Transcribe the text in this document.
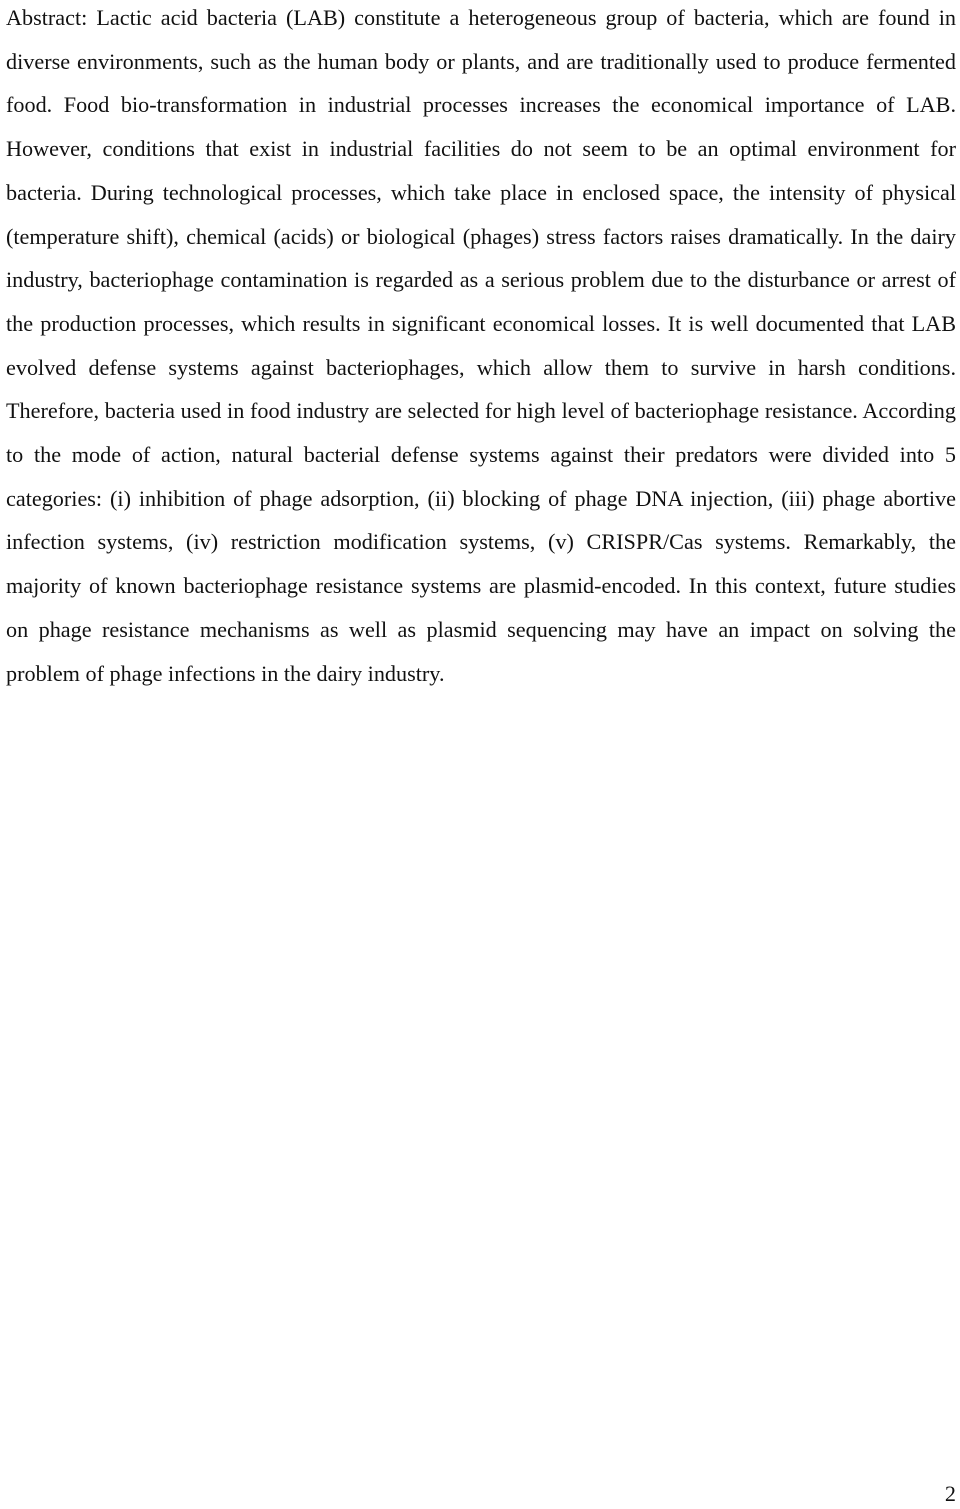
Abstract: Lactic acid bacteria (LAB) constitute a heterogeneous group of bacteria, which are found in diverse environments, such as the human body or plants, and are traditionally used to produce fermented food. Food bio-transformation in industrial processes increases the economical importance of LAB. However, conditions that exist in industrial facilities do not seem to be an optimal environment for bacteria. During technological processes, which take place in enclosed space, the intensity of physical (temperature shift), chemical (acids) or biological (phages) stress factors raises dramatically. In the dairy industry, bacteriophage contamination is regarded as a serious problem due to the disturbance or arrest of the production processes, which results in significant economical losses. It is well documented that LAB evolved defense systems against bacteriophages, which allow them to survive in harsh conditions. Therefore, bacteria used in food industry are selected for high level of bacteriophage resistance. According to the mode of action, natural bacterial defense systems against their predators were divided into 5 categories: (i) inhibition of phage adsorption, (ii) blocking of phage DNA injection, (iii) phage abortive infection systems, (iv) restriction modification systems, (v) CRISPR/Cas systems. Remarkably, the majority of known bacteriophage resistance systems are plasmid-encoded. In this context, future studies on phage resistance mechanisms as well as plasmid sequencing may have an impact on solving the problem of phage infections in the dairy industry.

2
